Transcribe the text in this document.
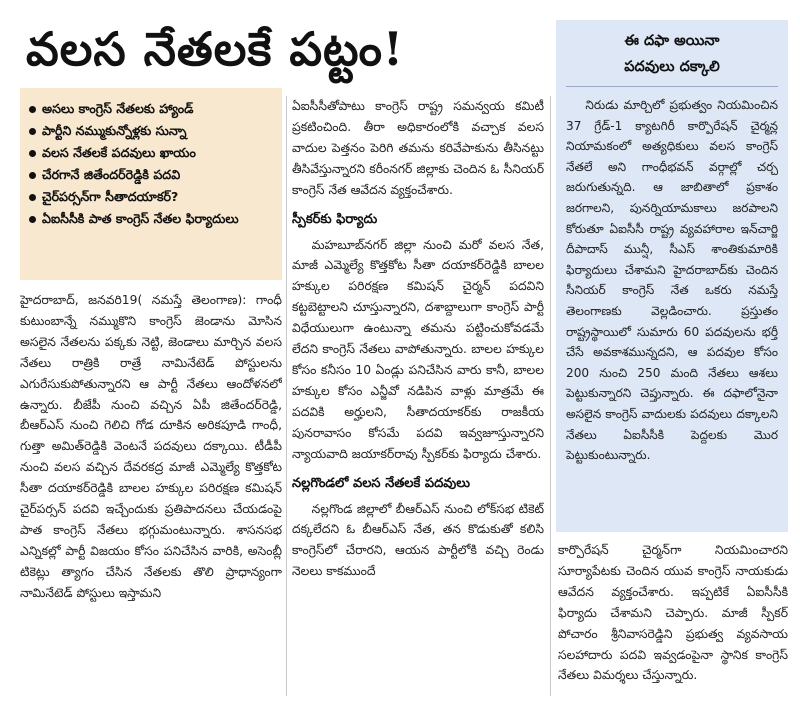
వలస నేతలకే పట్టం!
అసలు కాంగ్రెస్ నేతలకు హ్యాండ్
పార్టీని నమ్ముకున్నోళ్లకు సున్నా
వలస నేతలకే పదవులు ఖాయం
చేరగానే జితేందర్‌రెడ్డికి పదవి
చైర్‌పర్సన్‌గా సీతాదయాకర్?
ఏఐసీసీకి పాత కాంగ్రెస్ నేతల ఫిర్యాదులు

హైదరాబాద్, జనవరి19( నమస్తే తెలంగాణ): గాంధీ కుటుంబాన్నే నమ్ముకొని కాంగ్రెస్ జెండాను మోసిన అసలైన నేతలను పక్కకు నెట్టి, జెండాలు మార్చిన వలస నేతలు రాత్రికి రాత్రే నామినేటెడ్ పోస్టులను ఎగురేసుకుపోతున్నారని ఆ పార్టీ నేతలు ఆందోళనలో ఉన్నారు. బీజేపీ నుంచి వచ్చిన ఏపీ జితేందర్‌రెడ్డి, బీఆర్ఎస్ నుంచి గెలిచి గోడ దూకిన అరికపూడి గాంధీ, గుత్తా అమిత్‌రెడ్డికి వెంటనే పదవులు దక్కాయి. టీడీపీ నుంచి వలస వచ్చిన దేవరకద్ర మాజీ ఎమ్మెల్యే కొత్తకోట సీతా దయాకర్‌రెడ్డికి బాలల హక్కుల పరిరక్షణ కమిషన్ చైర్‌పర్సన్ పదవి ఇచ్చేందుకు ప్రతిపాదనలు చేయడంపై పాత కాంగ్రెస్ నేతలు భగ్గుమంటున్నారు. శాసనసభ ఎన్నికల్లో పార్టీ విజయం కోసం పనిచేసిన వారికి, అసెంబ్లీ టికెట్లు త్యాగం చేసిన నేతలకు తొలి ప్రాధాన్యంగా నామినేటెడ్ పోస్టులు ఇస్తామని

ఏఐసీసీతోపాటు కాంగ్రెస్ రాష్ట్ర సమన్వయ కమిటీ ప్రకటించింది. తీరా అధికారంలోకి వచ్చాక వలస వాదుల పెత్తనం పెరిగి తమను కరివేపాకును తీసినట్టు తీసివేస్తున్నారని కరీంనగర్ జిల్లాకు చెందిన ఓ సీనియర్ కాంగ్రెస్ నేత ఆవేదన వ్యక్తంచేశారు.

స్పీకర్‌కు ఫిర్యాదు

మహబూబ్‌నగర్ జిల్లా నుంచి మరో వలస నేత, మాజీ ఎమ్మెల్యే కొత్తకోట సీతా దయాకర్‌రెడ్డికి బాలల హక్కుల పరిరక్షణ కమిషన్ చైర్మన్ పదవిని కట్టబెట్టాలని చూస్తున్నారని, దశాబ్దాలుగా కాంగ్రెస్ పార్టీ విధేయులుగా ఉంటున్నా తమను పట్టించుకోవడమే లేదని కాంగ్రెస్ నేతలు వాపోతున్నారు. బాలల హక్కుల కోసం కనీసం 10 ఏండ్లు పనిచేసిన వారు కానీ, బాలల హక్కుల కోసం ఎన్జీవో నడిపిన వాళ్లు మాత్రమే ఈ పదవికి అర్హులని, సీతాదయాకర్‌కు రాజకీయ పునరావాసం కోసమే పదవి ఇవ్వజూస్తున్నారని న్యాయవాది జయాకర్‌రావు స్పీకర్‌కు ఫిర్యాదు చేశారు.

నల్లగొండలో వలస నేతలకే పదవులు

నల్లగొండ జిల్లాలో బీఆర్ఎస్ నుంచి లోక్‌సభ టికెట్ దక్కలేదని ఓ బీఆర్ఎస్ నేత, తన కొడుకుతో కలిసి కాంగ్రెస్‌లో చేరారని, ఆయన పార్టీలోకి వచ్చి రెండు నెలలు కాకముందే

ఈ దఫా అయినా
పదవులు దక్కాలి

నిరుడు మార్చిలో ప్రభుత్వం నియమించిన 37 గ్రేడ్-1 క్యాటగిరీ కార్పొరేషన్ చైర్మన్ల నియామకంలో అత్యధికులు వలస కాంగ్రెస్ నేతలే అని గాంధీభవన్ వర్గాల్లో చర్చ జరుగుతున్నది. ఆ జాబితాలో ప్రకాశం జరగాలని, పునర్నియామకాలు జరపాలని కోరుతూ ఏఐసీసీ రాష్ట్ర వ్యవహారాల ఇన్‌చార్జి దీపాదాస్ మున్షీ, సీఎస్ శాంతికుమారికి ఫిర్యాదులు చేశామని హైదరాబాద్‌కు చెందిన సీనియర్ కాంగ్రెస్ నేత ఒకరు నమస్తే తెలంగాణకు వెల్లడించారు. ప్రస్తుతం రాష్ట్రస్థాయిలో సుమారు 60 పదవులను భర్తీ చేసే అవకాశమున్నదని, ఆ పదవుల కోసం 200 నుంచి 250 మంది నేతలు ఆశలు పెట్టుకున్నారని చెప్తున్నారు. ఈ దఫాలోనైనా అసలైన కాంగ్రెస్ వాదులకు పదవులు దక్కాలని నేతలు ఏఐసీసీకి పెద్దలకు మొర పెట్టుకుంటున్నారు.

కార్పొరేషన్ చైర్మన్‌గా నియమించారని సూర్యాపేటకు చెందిన యువ కాంగ్రెస్ నాయకుడు ఆవేదన వ్యక్తంచేశారు. ఇప్పటికే ఏఐసీసీకి ఫిర్యాదు చేశామని చెప్పారు. మాజీ స్పీకర్ పోచారం శ్రీనివాసరెడ్డిని ప్రభుత్వ వ్యవసాయ సలహాదారు పదవి ఇవ్వడంపైనా స్థానిక కాంగ్రెస్ నేతలు విమర్శలు చేస్తున్నారు.
